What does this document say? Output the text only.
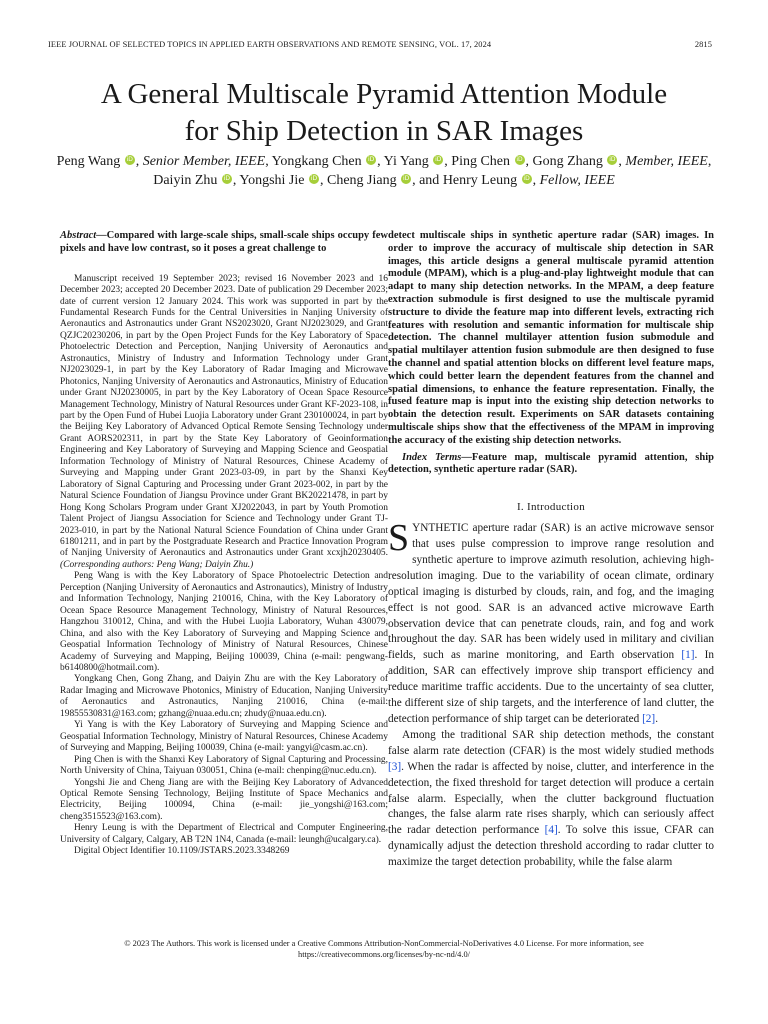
IEEE JOURNAL OF SELECTED TOPICS IN APPLIED EARTH OBSERVATIONS AND REMOTE SENSING, VOL. 17, 2024	2815
A General Multiscale Pyramid Attention Module
for Ship Detection in SAR Images
Peng Wang iD , Senior Member, IEEE, Yongkang Chen iD , Yi Yang iD , Ping Chen iD , Gong Zhang iD , Member, IEEE,
Daiyin Zhu iD , Yongshi Jie iD , Cheng Jiang iD , and Henry Leung iD , Fellow, IEEE
Abstract—Compared with large-scale ships, small-scale ships occupy few pixels and have low contrast, so it poses a great challenge to

Manuscript received 19 September 2023; revised 16 November 2023 and 16 December 2023; accepted 20 December 2023. Date of publication 29 December 2023; date of current version 12 January 2024. This work was supported in part by the Fundamental Research Funds for the Central Universities in Nanjing University of Aeronautics and Astronautics under Grant NS2023020, Grant NJ2023029, and Grant QZJC20230206, in part by the Open Project Funds for the Key Laboratory of Space Photoelectric Detection and Perception, Nanjing University of Aeronautics and Astronautics, Ministry of Industry and Information Technology under Grant NJ2023029-1, in part by the Key Laboratory of Radar Imaging and Microwave Photonics, Nanjing University of Aeronautics and Astronautics, Ministry of Education under Grant NJ20230005, in part by the Key Laboratory of Ocean Space Resource Management Technology, Ministry of Natural Resources under Grant KF-2023-108, in part by the Open Fund of Hubei Luojia Laboratory under Grant 230100024, in part by the Beijing Key Laboratory of Advanced Optical Remote Sensing Technology under Grant AORS202311, in part by the State Key Laboratory of Geoinformation Engineering and Key Laboratory of Surveying and Mapping Science and Geospatial Information Technology of Ministry of Natural Resources, Chinese Academy of Surveying and Mapping under Grant 2023-03-09, in part by the Shanxi Key Laboratory of Signal Capturing and Processing under Grant 2023-002, in part by the Natural Science Foundation of Jiangsu Province under Grant BK20221478, in part by Hong Kong Scholars Program under Grant XJ2022043, in part by Youth Promotion Talent Project of Jiangsu Association for Science and Technology under Grant TJ-2023-010, in part by the National Natural Science Foundation of China under Grant 61801211, and in part by the Postgraduate Research and Practice Innovation Program of Nanjing University of Aeronautics and Astronautics under Grant xcxjh20230405. (Corresponding authors: Peng Wang; Daiyin Zhu.)

Peng Wang is with the Key Laboratory of Space Photoelectric Detection and Perception (Nanjing University of Aeronautics and Astronautics), Ministry of Industry and Information Technology, Nanjing 210016, China, with the Key Laboratory of Ocean Space Resource Management Technology, Ministry of Natural Resources, Hangzhou 310012, China, and with the Hubei Luojia Laboratory, Wuhan 430079, China, and also with the Key Laboratory of Surveying and Mapping Science and Geospatial Information Technology of Ministry of Natural Resources, Chinese Academy of Surveying and Mapping, Beijing 100039, China (e-mail: pengwang-b6140800@hotmail.com).

Yongkang Chen, Gong Zhang, and Daiyin Zhu are with the Key Laboratory of Radar Imaging and Microwave Photonics, Ministry of Education, Nanjing University of Aeronautics and Astronautics, Nanjing 210016, China (e-mail: 19855530831@163.com; gzhang@nuaa.edu.cn; zhudy@nuaa.edu.cn).

Yi Yang is with the Key Laboratory of Surveying and Mapping Science and Geospatial Information Technology, Ministry of Natural Resources, Chinese Academy of Surveying and Mapping, Beijing 100039, China (e-mail: yangyi@casm.ac.cn).

Ping Chen is with the Shanxi Key Laboratory of Signal Capturing and Processing, North University of China, Taiyuan 030051, China (e-mail: chenping@nuc.edu.cn).

Yongshi Jie and Cheng Jiang are with the Beijing Key Laboratory of Advanced Optical Remote Sensing Technology, Beijing Institute of Space Mechanics and Electricity, Beijing 100094, China (e-mail: jie_yongshi@163.com; cheng3515523@163.com).

Henry Leung is with the Department of Electrical and Computer Engineering, University of Calgary, Calgary, AB T2N 1N4, Canada (e-mail: leungh@ucalgary.ca).

Digital Object Identifier 10.1109/JSTARS.2023.3348269

detect multiscale ships in synthetic aperture radar (SAR) images. In order to improve the accuracy of multiscale ship detection in SAR images, this article designs a general multiscale pyramid attention module (MPAM), which is a plug-and-play lightweight module that can adapt to many ship detection networks. In the MPAM, a deep feature extraction submodule is first designed to use the multiscale pyramid structure to divide the feature map into different levels, extracting rich features with resolution and semantic information for multiscale ship detection. The channel multilayer attention fusion submodule and spatial multilayer attention fusion submodule are then designed to fuse the channel and spatial attention blocks on different level feature maps, which could better learn the dependent features from the channel and spatial dimensions, to enhance the feature representation. Finally, the fused feature map is input into the existing ship detection networks to obtain the detection result. Experiments on SAR datasets containing multiscale ships show that the effectiveness of the MPAM in improving the accuracy of the existing ship detection networks.
Index Terms—Feature map, multiscale pyramid attention, ship detection, synthetic aperture radar (SAR).
I. Introduction

SYNTHETIC aperture radar (SAR) is an active microwave sensor that uses pulse compression to improve range resolution and synthetic aperture to improve azimuth resolution, achieving high-resolution imaging. Due to the variability of ocean climate, ordinary optical imaging is disturbed by clouds, rain, and fog, and the imaging effect is not good. SAR is an advanced active microwave Earth observation device that can penetrate clouds, rain, and fog and work throughout the day. SAR has been widely used in military and civilian fields, such as marine monitoring, and Earth observation [1]. In addition, SAR can effectively improve ship transport efficiency and reduce maritime traffic accidents. Due to the uncertainty of sea clutter, the different size of ship targets, and the interference of land clutter, the detection performance of ship target can be deteriorated [2].

Among the traditional SAR ship detection methods, the constant false alarm rate detection (CFAR) is the most widely studied methods [3]. When the radar is affected by noise, clutter, and interference in the detection, the fixed threshold for target detection will produce a certain false alarm. Especially, when the clutter background fluctuation changes, the false alarm rate rises sharply, which can seriously affect the radar detection performance [4]. To solve this issue, CFAR can dynamically adjust the detection threshold according to radar clutter to maximize the target detection probability, while the false alarm

© 2023 The Authors. This work is licensed under a Creative Commons Attribution-NonCommercial-NoDerivatives 4.0 License. For more information, see
https://creativecommons.org/licenses/by-nc-nd/4.0/
